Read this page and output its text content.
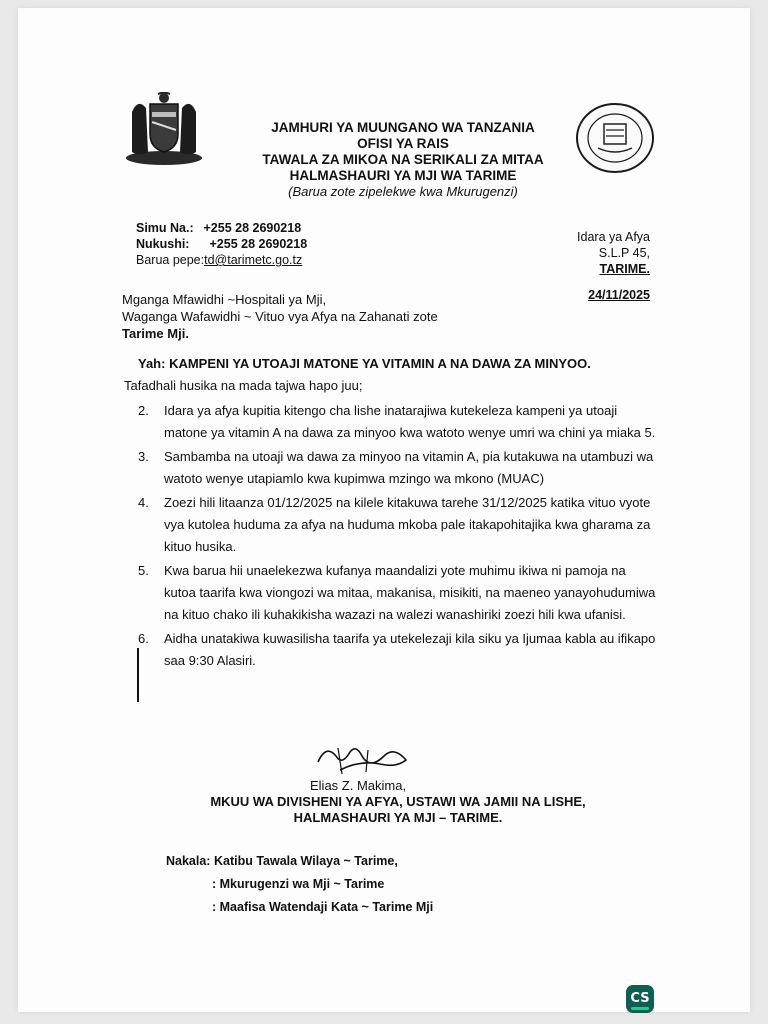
JAMHURI YA MUUNGANO WA TANZANIA
OFISI YA RAIS
TAWALA ZA MIKOA NA SERIKALI ZA MITAA
HALMASHAURI YA MJI WA TARIME
(Barua zote zipelekwe kwa Mkurugenzi)
Simu Na.: +255 28 2690218
Nukushi: +255 28 2690218
Barua pepe:td@tarimetc.go.tz
Idara ya Afya
S.L.P 45,
TARIME.
24/11/2025
Mganga Mfawidhi ~Hospitali ya Mji,
Waganga Wafawidhi ~ Vituo vya Afya na Zahanati zote
Tarime Mji.
Yah: KAMPENI YA UTOAJI MATONE YA VITAMIN A NA DAWA ZA MINYOO.
Tafadhali husika na mada tajwa hapo juu;
2. Idara ya afya kupitia kitengo cha lishe inatarajiwa kutekeleza kampeni ya utoaji matone ya vitamin A na dawa za minyoo kwa watoto wenye umri wa chini ya miaka 5.
3. Sambamba na utoaji wa dawa za minyoo na vitamin A, pia kutakuwa na utambuzi wa watoto wenye utapiamlo kwa kupimwa mzingo wa mkono (MUAC)
4. Zoezi hili litaanza 01/12/2025 na kilele kitakuwa tarehe 31/12/2025 katika vituo vyote vya kutolea huduma za afya na huduma mkoba pale itakapohitajika kwa gharama za kituo husika.
5. Kwa barua hii unaelekezwa kufanya maandalizi yote muhimu ikiwa ni pamoja na kutoa taarifa kwa viongozi wa mitaa, makanisa, misikiti, na maeneo yanayohudumiwa na kituo chako ili kuhakikisha wazazi na walezi wanashiriki zoezi hili kwa ufanisi.
6. Aidha unatakiwa kuwasilisha taarifa ya utekelezaji kila siku ya Ijumaa kabla au ifikapo saa 9:30 Alasiri.
Elias Z. Makima,
MKUU WA DIVISHENI YA AFYA, USTAWI WA JAMII NA LISHE,
HALMASHAURI YA MJI – TARIME.
Nakala: Katibu Tawala Wilaya ~ Tarime,
: Mkurugenzi wa Mji ~ Tarime
: Maafisa Watendaji Kata ~ Tarime Mji
CS
